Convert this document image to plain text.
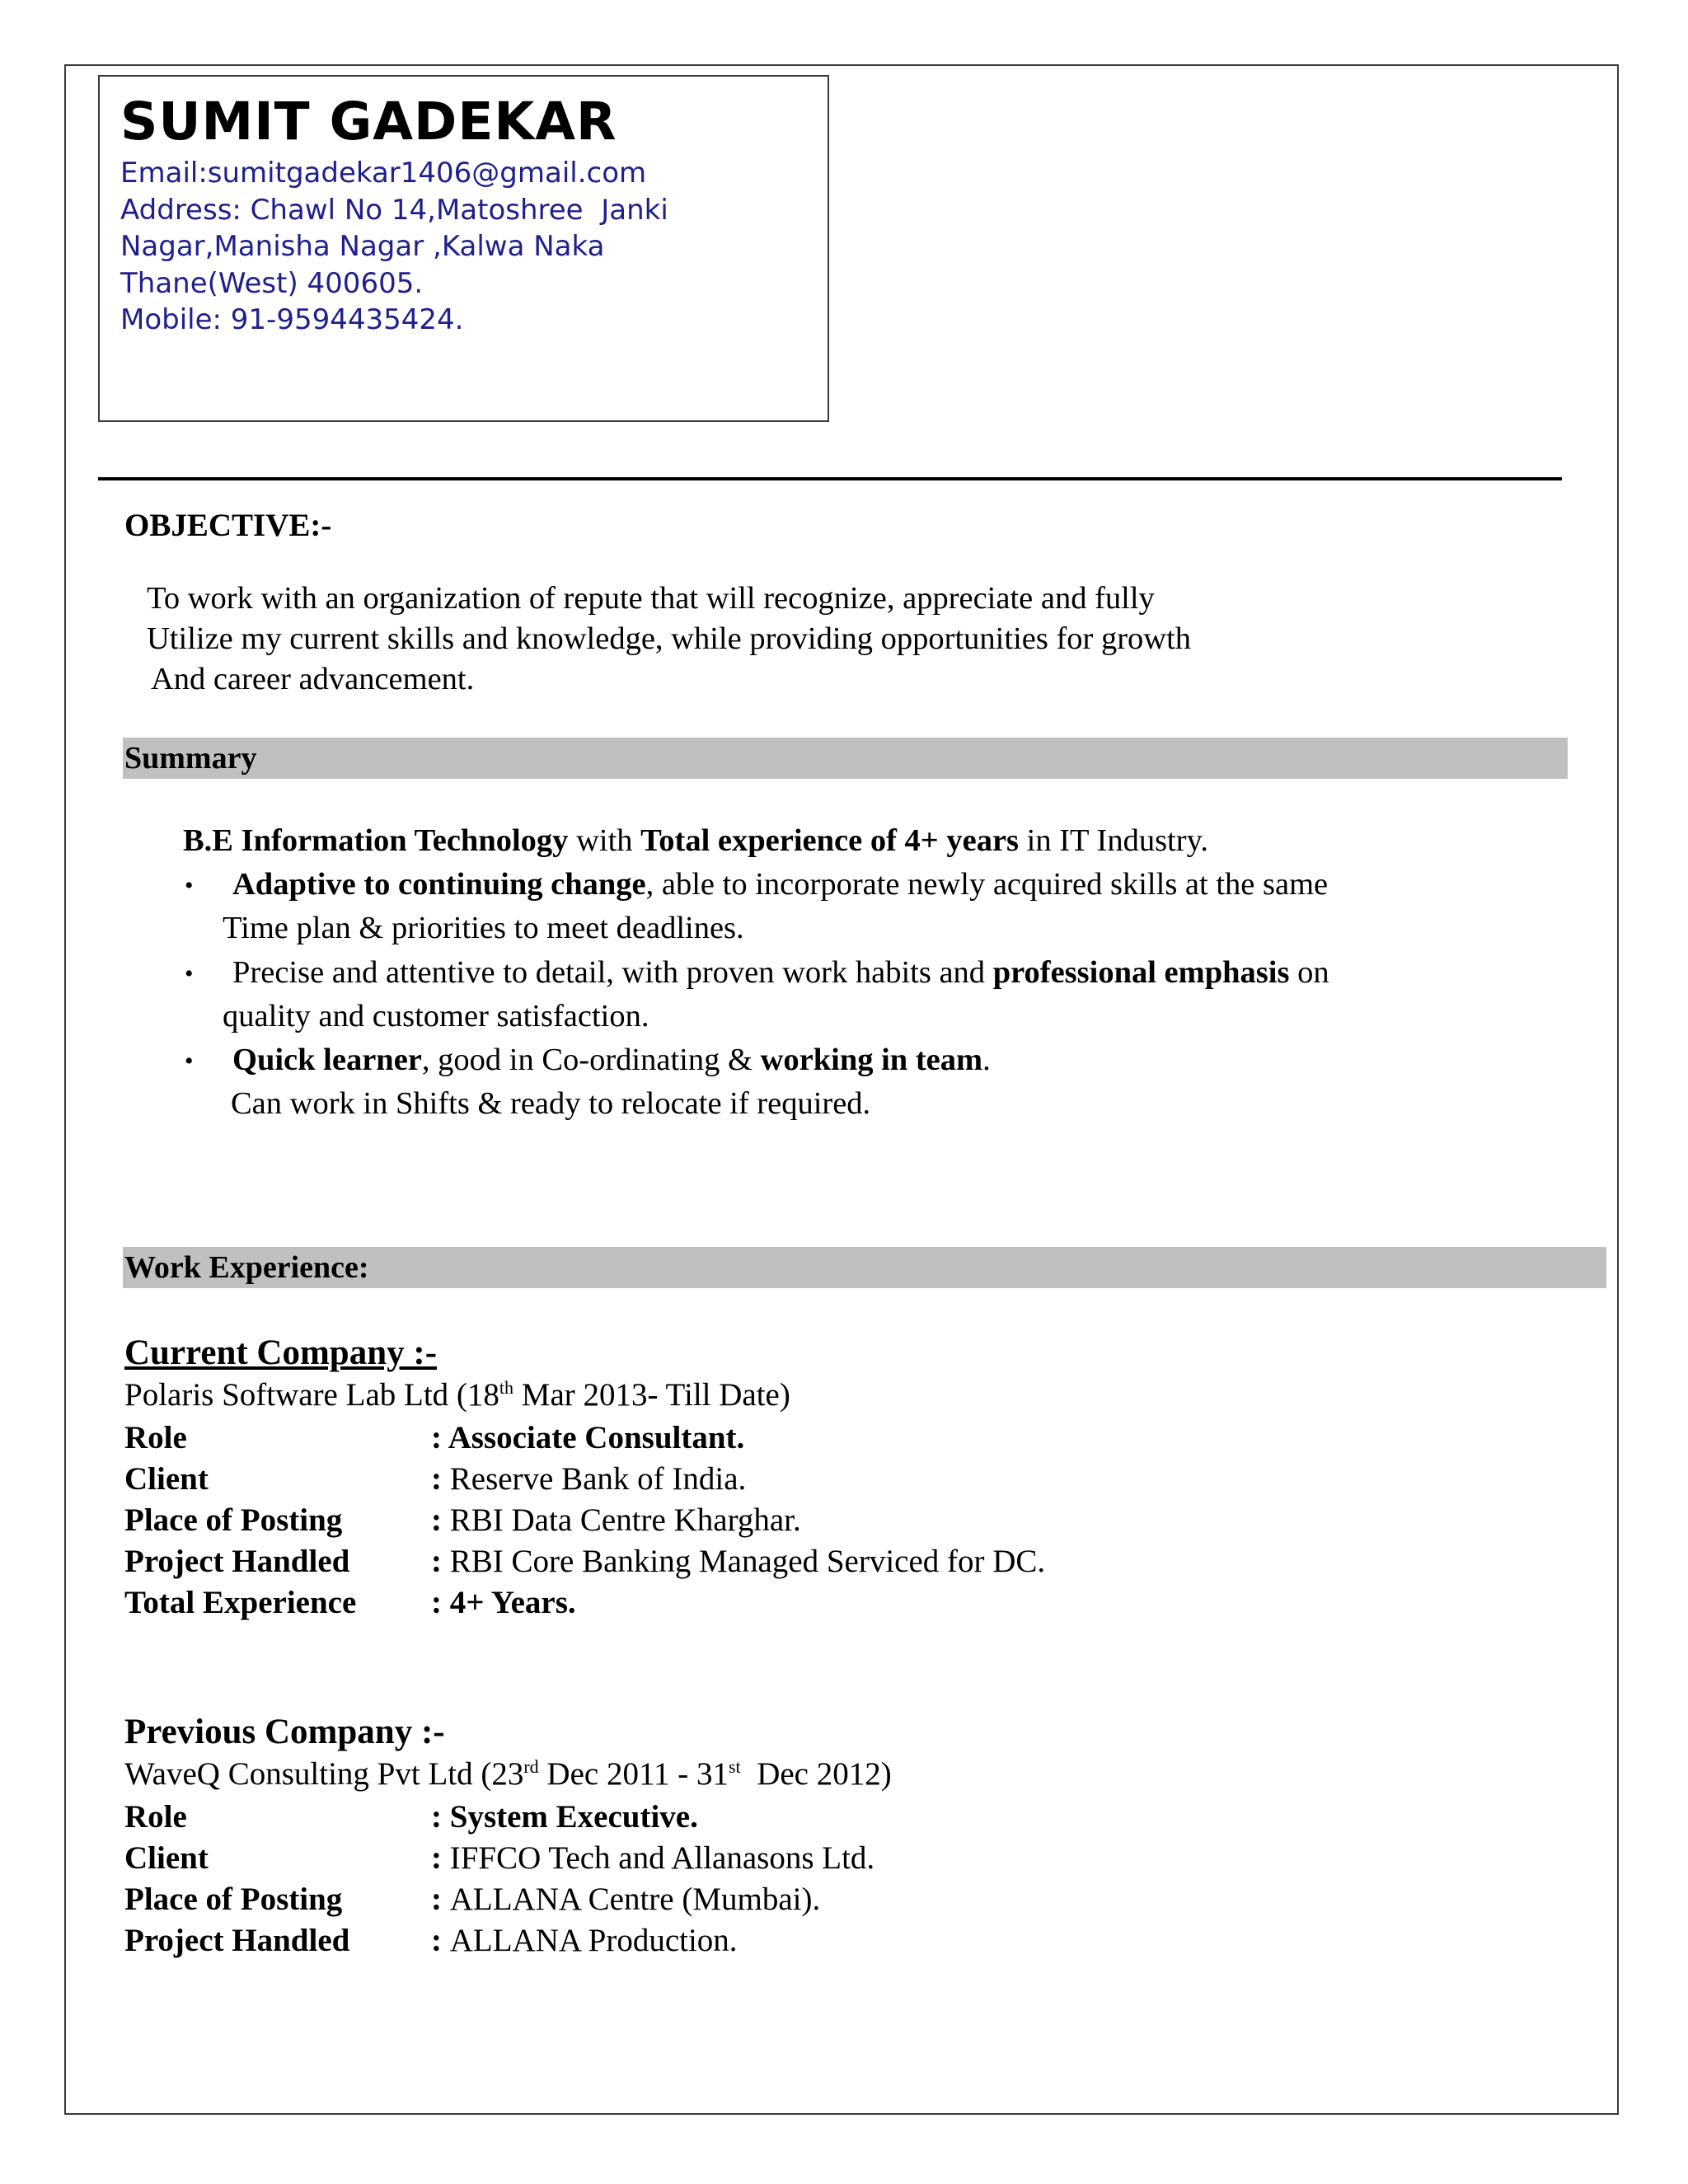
SUMIT GADEKAR
Email:sumitgadekar1406@gmail.com
Address: Chawl No 14,Matoshree  Janki
Nagar,Manisha Nagar ,Kalwa Naka
Thane(West) 400605.
Mobile: 91-9594435424.
OBJECTIVE:-
To work with an organization of repute that will recognize, appreciate and fully
Utilize my current skills and knowledge, while providing opportunities for growth
And career advancement.
Summary
B.E Information Technology with Total experience of 4+ years in IT Industry.
• Adaptive to continuing change, able to incorporate newly acquired skills at the same
Time plan & priorities to meet deadlines.
• Precise and attentive to detail, with proven work habits and professional emphasis on
quality and customer satisfaction.
• Quick learner, good in Co-ordinating & working in team.
Can work in Shifts & ready to relocate if required.
Work Experience:
Current Company :-
Polaris Software Lab Ltd (18th Mar 2013- Till Date)
Role	: Associate Consultant.
Client	: Reserve Bank of India.
Place of Posting	: RBI Data Centre Kharghar.
Project Handled	: RBI Core Banking Managed Serviced for DC.
Total Experience : 4+ Years.
Previous Company :-
WaveQ Consulting Pvt Ltd (23rd Dec 2011 - 31st  Dec 2012)
Role	: System Executive.
Client	: IFFCO Tech and Allanasons Ltd.
Place of Posting	: ALLANA Centre (Mumbai).
Project Handled	: ALLANA Production.
